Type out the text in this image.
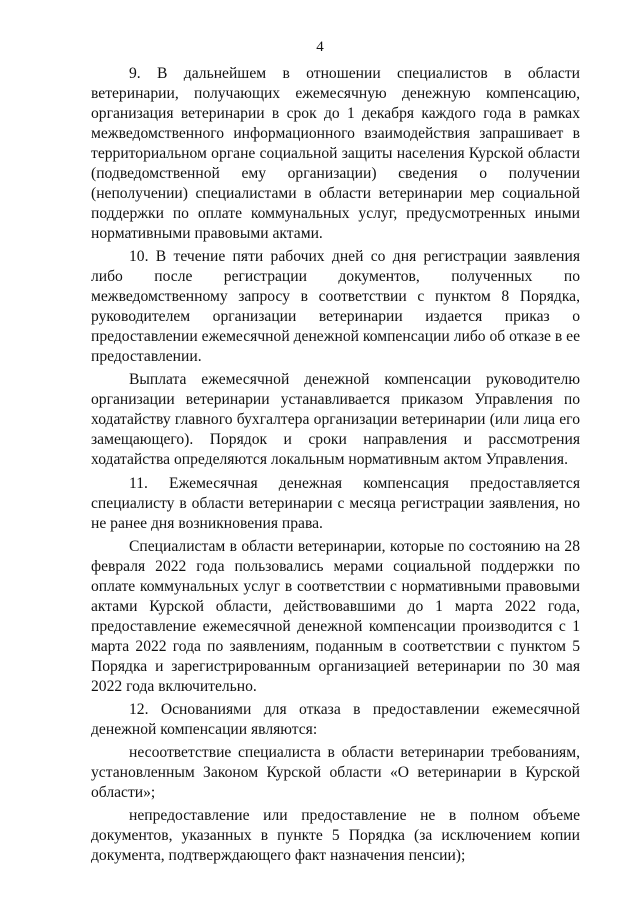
4

9. В дальнейшем в отношении специалистов в области ветеринарии, получающих ежемесячную денежную компенсацию, организация ветеринарии в срок до 1 декабря каждого года в рамках межведомственного информационного взаимодействия запрашивает в территориальном органе социальной защиты населения Курской области (подведомственной ему организации) сведения о получении (неполучении) специалистами в области ветеринарии мер социальной поддержки по оплате коммунальных услуг, предусмотренных иными нормативными правовыми актами.

10. В течение пяти рабочих дней со дня регистрации заявления либо после регистрации документов, полученных по межведомственному запросу в соответствии с пунктом 8 Порядка, руководителем организации ветеринарии издается приказ о предоставлении ежемесячной денежной компенсации либо об отказе в ее предоставлении.

Выплата ежемесячной денежной компенсации руководителю организации ветеринарии устанавливается приказом Управления по ходатайству главного бухгалтера организации ветеринарии (или лица его замещающего). Порядок и сроки направления и рассмотрения ходатайства определяются локальным нормативным актом Управления.

11. Ежемесячная денежная компенсация предоставляется специалисту в области ветеринарии с месяца регистрации заявления, но не ранее дня возникновения права.

Специалистам в области ветеринарии, которые по состоянию на 28 февраля 2022 года пользовались мерами социальной поддержки по оплате коммунальных услуг в соответствии с нормативными правовыми актами Курской области, действовавшими до 1 марта 2022 года, предоставление ежемесячной денежной компенсации производится с 1 марта 2022 года по заявлениям, поданным в соответствии с пунктом 5 Порядка и зарегистрированным организацией ветеринарии по 30 мая 2022 года включительно.

12. Основаниями для отказа в предоставлении ежемесячной денежной компенсации являются:

несоответствие специалиста в области ветеринарии требованиям, установленным Законом Курской области «О ветеринарии в Курской области»;

непредоставление или предоставление не в полном объеме документов, указанных в пункте 5 Порядка (за исключением копии документа, подтверждающего факт назначения пенсии);
